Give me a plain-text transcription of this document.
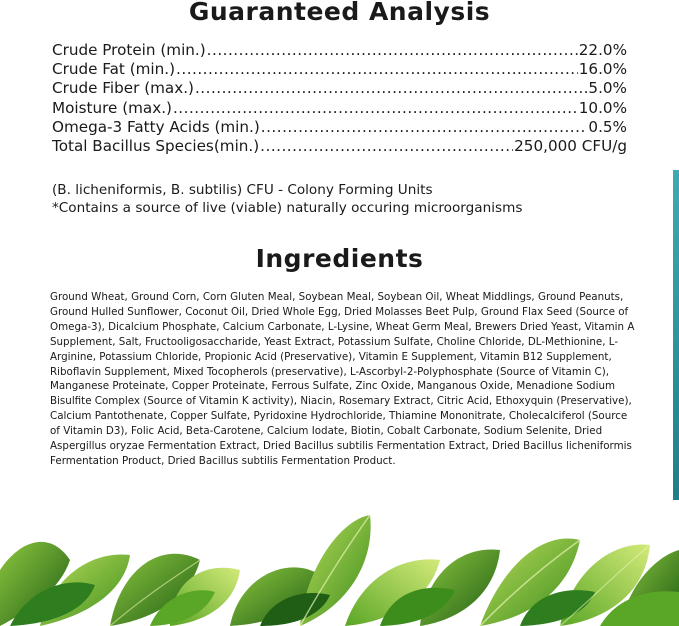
Guaranteed Analysis
Crude Protein (min.) .....	22.0%
Crude Fat (min.) .....	16.0%
Crude Fiber (max.) .....	.5.0%
Moisture (max.) .....	10.0%
Omega-3 Fatty Acids (min.) .....	0.5%
Total Bacillus Species(min.) .....	250,000 CFU/g
(B. licheniformis, B. subtilis) CFU - Colony Forming Units
*Contains a source of live (viable) naturally occuring microorganisms
Ingredients
Ground Wheat, Ground Corn, Corn Gluten Meal, Soybean Meal, Soybean Oil, Wheat Middlings, Ground Peanuts, Ground Hulled Sunflower, Coconut Oil, Dried Whole Egg, Dried Molasses Beet Pulp, Ground Flax Seed (Source of Omega-3), Dicalcium Phosphate, Calcium Carbonate, L-Lysine, Wheat Germ Meal, Brewers Dried Yeast, Vitamin A Supplement, Salt, Fructooligosaccharide, Yeast Extract, Potassium Sulfate, Choline Chloride, DL-Methionine, L-Arginine, Potassium Chloride, Propionic Acid (Preservative), Vitamin E Supplement, Vitamin B12 Supplement, Riboflavin Supplement, Mixed Tocopherols (preservative), L-Ascorbyl-2-Polyphosphate (Source of Vitamin C), Manganese Proteinate, Copper Proteinate, Ferrous Sulfate, Zinc Oxide, Manganous Oxide, Menadione Sodium Bisulfite Complex (Source of Vitamin K activity), Niacin, Rosemary Extract, Citric Acid, Ethoxyquin (Preservative), Calcium Pantothenate, Copper Sulfate, Pyridoxine Hydrochloride, Thiamine Mononitrate, Cholecalciferol (Source of Vitamin D3), Folic Acid, Beta-Carotene, Calcium Iodate, Biotin, Cobalt Carbonate, Sodium Selenite, Dried Aspergillus oryzae Fermentation Extract, Dried Bacillus subtilis Fermentation Extract, Dried Bacillus licheniformis Fermentation Product, Dried Bacillus subtilis Fermentation Product.
